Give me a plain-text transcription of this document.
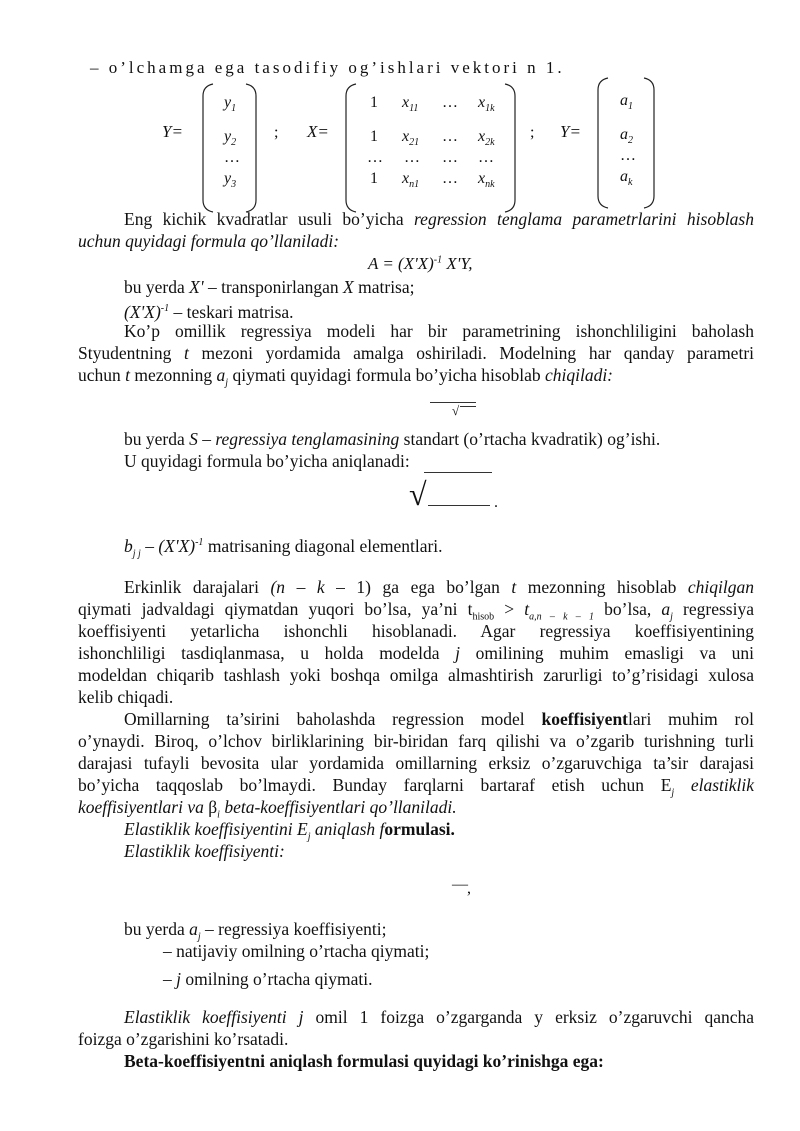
– o’lchamga ega tasodifiy og’ishlari vektori n 1.
Y=
$y_1$
$y_2$
…
$y_3$
; X=
1 $x_{11}$ … $x_{1k}$
1 $x_{21}$ … $x_{2k}$
… … … …
1 $x_{n1}$ … $x_{nk}$
; Y=
$a_1$
$a_2$
…
$a_k$
Eng kichik kvadratlar usuli bo’yicha regression tenglama parametrlarini hisoblash
uchun quyidagi formula qo’llaniladi:
$A = (X'X)^{-1}$ X'Y,
bu yerda X' – transponirlangan X matrisa;
$(X'X)^{-1}$ – teskari matrisa.
Ko’p omillik regressiya modeli har bir parametrining ishonchliligini baholash
Styudentning t mezoni yordamida amalga oshiriladi. Modelning har qanday parametri
uchun t mezonning $a_j$ qiymati quyidagi formula bo’yicha hisoblab chiqiladi:
√
bu yerda S – regressiya tenglamasining standart (o’rtacha kvadratik) og’ishi.
U quyidagi formula bo’yicha aniqlanadi:
√	.
$b_{j j} - (X'X)^{-1}$ matrisaning diagonal elementlari.
Erkinlik darajalari (n – k – 1) ga ega bo’lgan t mezonning hisoblab chiqilgan
qiymati jadvaldagi qiymatdan yuqori bo’lsa, ya’ni $t_{hisob} > t_{a,n - k - 1}$ bo’lsa, $a_j$ regressiya
koeffisiyenti yetarlicha ishonchli hisoblanadi. Agar regressiya koeffisiyentining
ishonchliligi tasdiqlanmasa, u holda modelda j omilining muhim emasligi va uni
modeldan chiqarib tashlash yoki boshqa omilga almashtirish zarurligi to’g’risidagi xulosa
kelib chiqadi.
Omillarning ta’sirini baholashda regression model koeffisiyentlari muhim rol
o’ynaydi. Biroq, o’lchov birliklarining bir-biridan farq qilishi va o’zgarib turishning turli
darajasi tufayli bevosita ular yordamida omillarning erksiz o’zgaruvchiga ta’sir darajasi
bo’yicha taqqoslab bo’lmaydi. Bunday farqlarni bartaraf etish uchun $E_j$ elastiklik
koeffisiyentlari va $\beta_i$ beta-koeffisiyentlari qo’llaniladi.
Elastiklik koeffisiyentini $E_j$ aniqlash formulasi.
Elastiklik koeffisiyenti:
— ,
bu yerda $a_j$ – regressiya koeffisiyenti;
– natijaviy omilning o’rtacha qiymati;
– j omilning o’rtacha qiymati.
Elastiklik koeffisiyenti j omil 1 foizga o’zgarganda y erksiz o’zgaruvchi qancha
foizga o’zgarishini ko’rsatadi.
Beta-koeffisiyentni aniqlash formulasi quyidagi ko’rinishga ega:
